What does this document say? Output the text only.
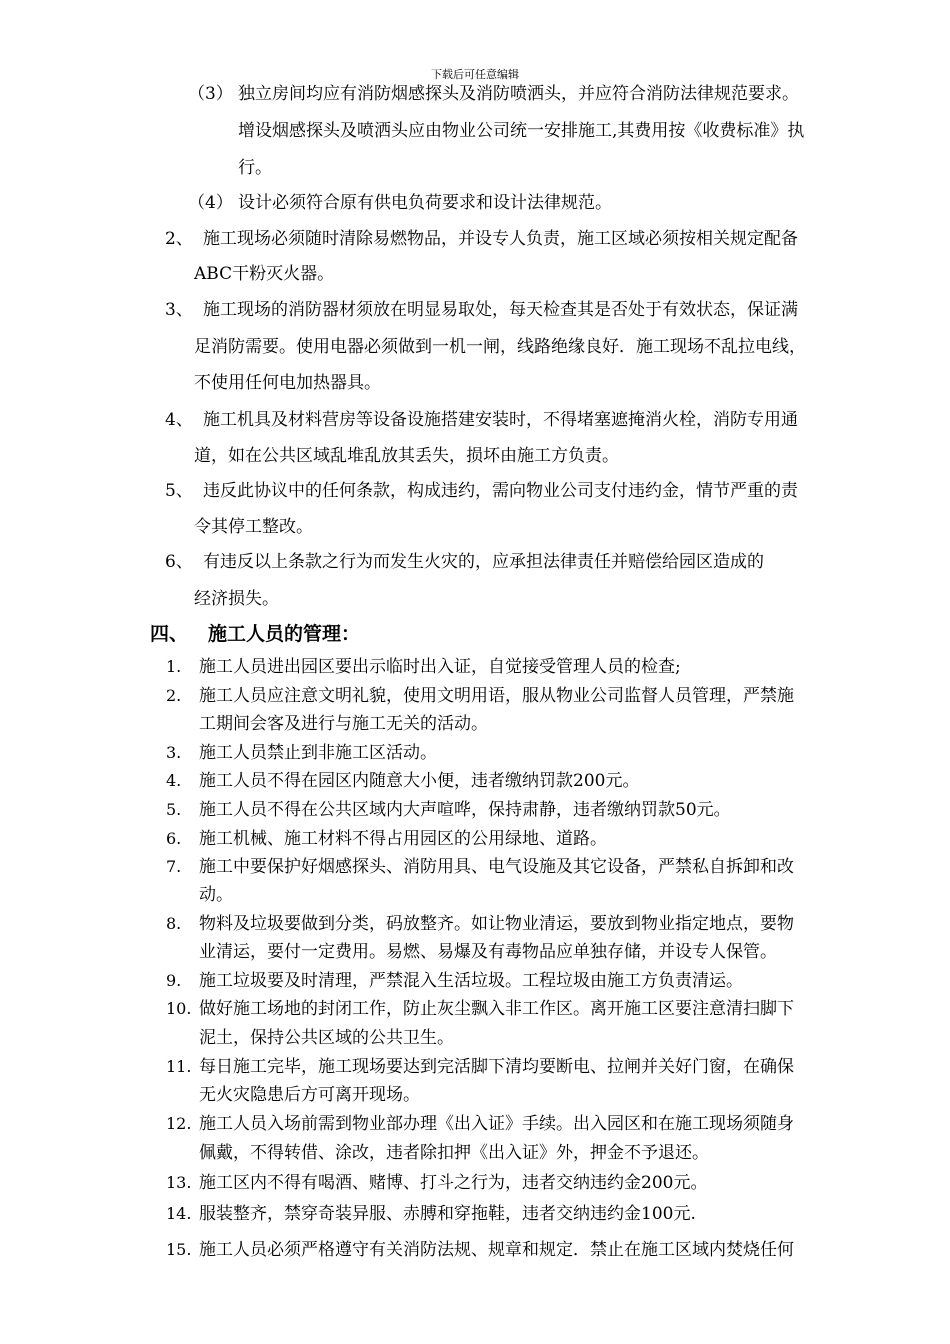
下载后可任意编辑
（3） 独立房间均应有消防烟感探头及消防喷洒头，并应符合消防法律规范要求。
增设烟感探头及喷洒头应由物业公司统一安排施工,其费用按《收费标准》执
行。
（4） 设计必须符合原有供电负荷要求和设计法律规范。
2、 施工现场必须随时清除易燃物品，并设专人负责，施工区域必须按相关规定配备
ABC干粉灭火器。
3、 施工现场的消防器材须放在明显易取处，每天检查其是否处于有效状态，保证满
足消防需要。使用电器必须做到一机一闸，线路绝缘良好．施工现场不乱拉电线，
不使用任何电加热器具。
4、 施工机具及材料营房等设备设施搭建安装时，不得堵塞遮掩消火栓，消防专用通
道，如在公共区域乱堆乱放其丢失，损坏由施工方负责。
5、 违反此协议中的任何条款，构成违约，需向物业公司支付违约金，情节严重的责
令其停工整改。
6、 有违反以上条款之行为而发生火灾的，应承担法律责任并赔偿给园区造成的
经济损失。
四、 施工人员的管理：
1. 施工人员进出园区要出示临时出入证，自觉接受管理人员的检查;
2. 施工人员应注意文明礼貌，使用文明用语，服从物业公司监督人员管理，严禁施
工期间会客及进行与施工无关的活动。
3. 施工人员禁止到非施工区活动。
4. 施工人员不得在园区内随意大小便，违者缴纳罚款200元。
5. 施工人员不得在公共区域内大声喧哗，保持肃静，违者缴纳罚款50元。
6. 施工机械、施工材料不得占用园区的公用绿地、道路。
7. 施工中要保护好烟感探头、消防用具、电气设施及其它设备，严禁私自拆卸和改
动。
8. 物料及垃圾要做到分类，码放整齐。如让物业清运，要放到物业指定地点，要物
业清运，要付一定费用。易燃、易爆及有毒物品应单独存储，并设专人保管。
9. 施工垃圾要及时清理，严禁混入生活垃圾。工程垃圾由施工方负责清运。
10. 做好施工场地的封闭工作，防止灰尘飘入非工作区。离开施工区要注意清扫脚下
泥土，保持公共区域的公共卫生。
11. 每日施工完毕，施工现场要达到完活脚下清均要断电、拉闸并关好门窗，在确保
无火灾隐患后方可离开现场。
12. 施工人员入场前需到物业部办理《出入证》手续。出入园区和在施工现场须随身
佩戴，不得转借、涂改，违者除扣押《出入证》外，押金不予退还。
13. 施工区内不得有喝酒、赌博、打斗之行为，违者交纳违约金200元。
14. 服装整齐，禁穿奇装异服、赤膊和穿拖鞋，违者交纳违约金100元.
15. 施工人员必须严格遵守有关消防法规、规章和规定．禁止在施工区域内焚烧任何
